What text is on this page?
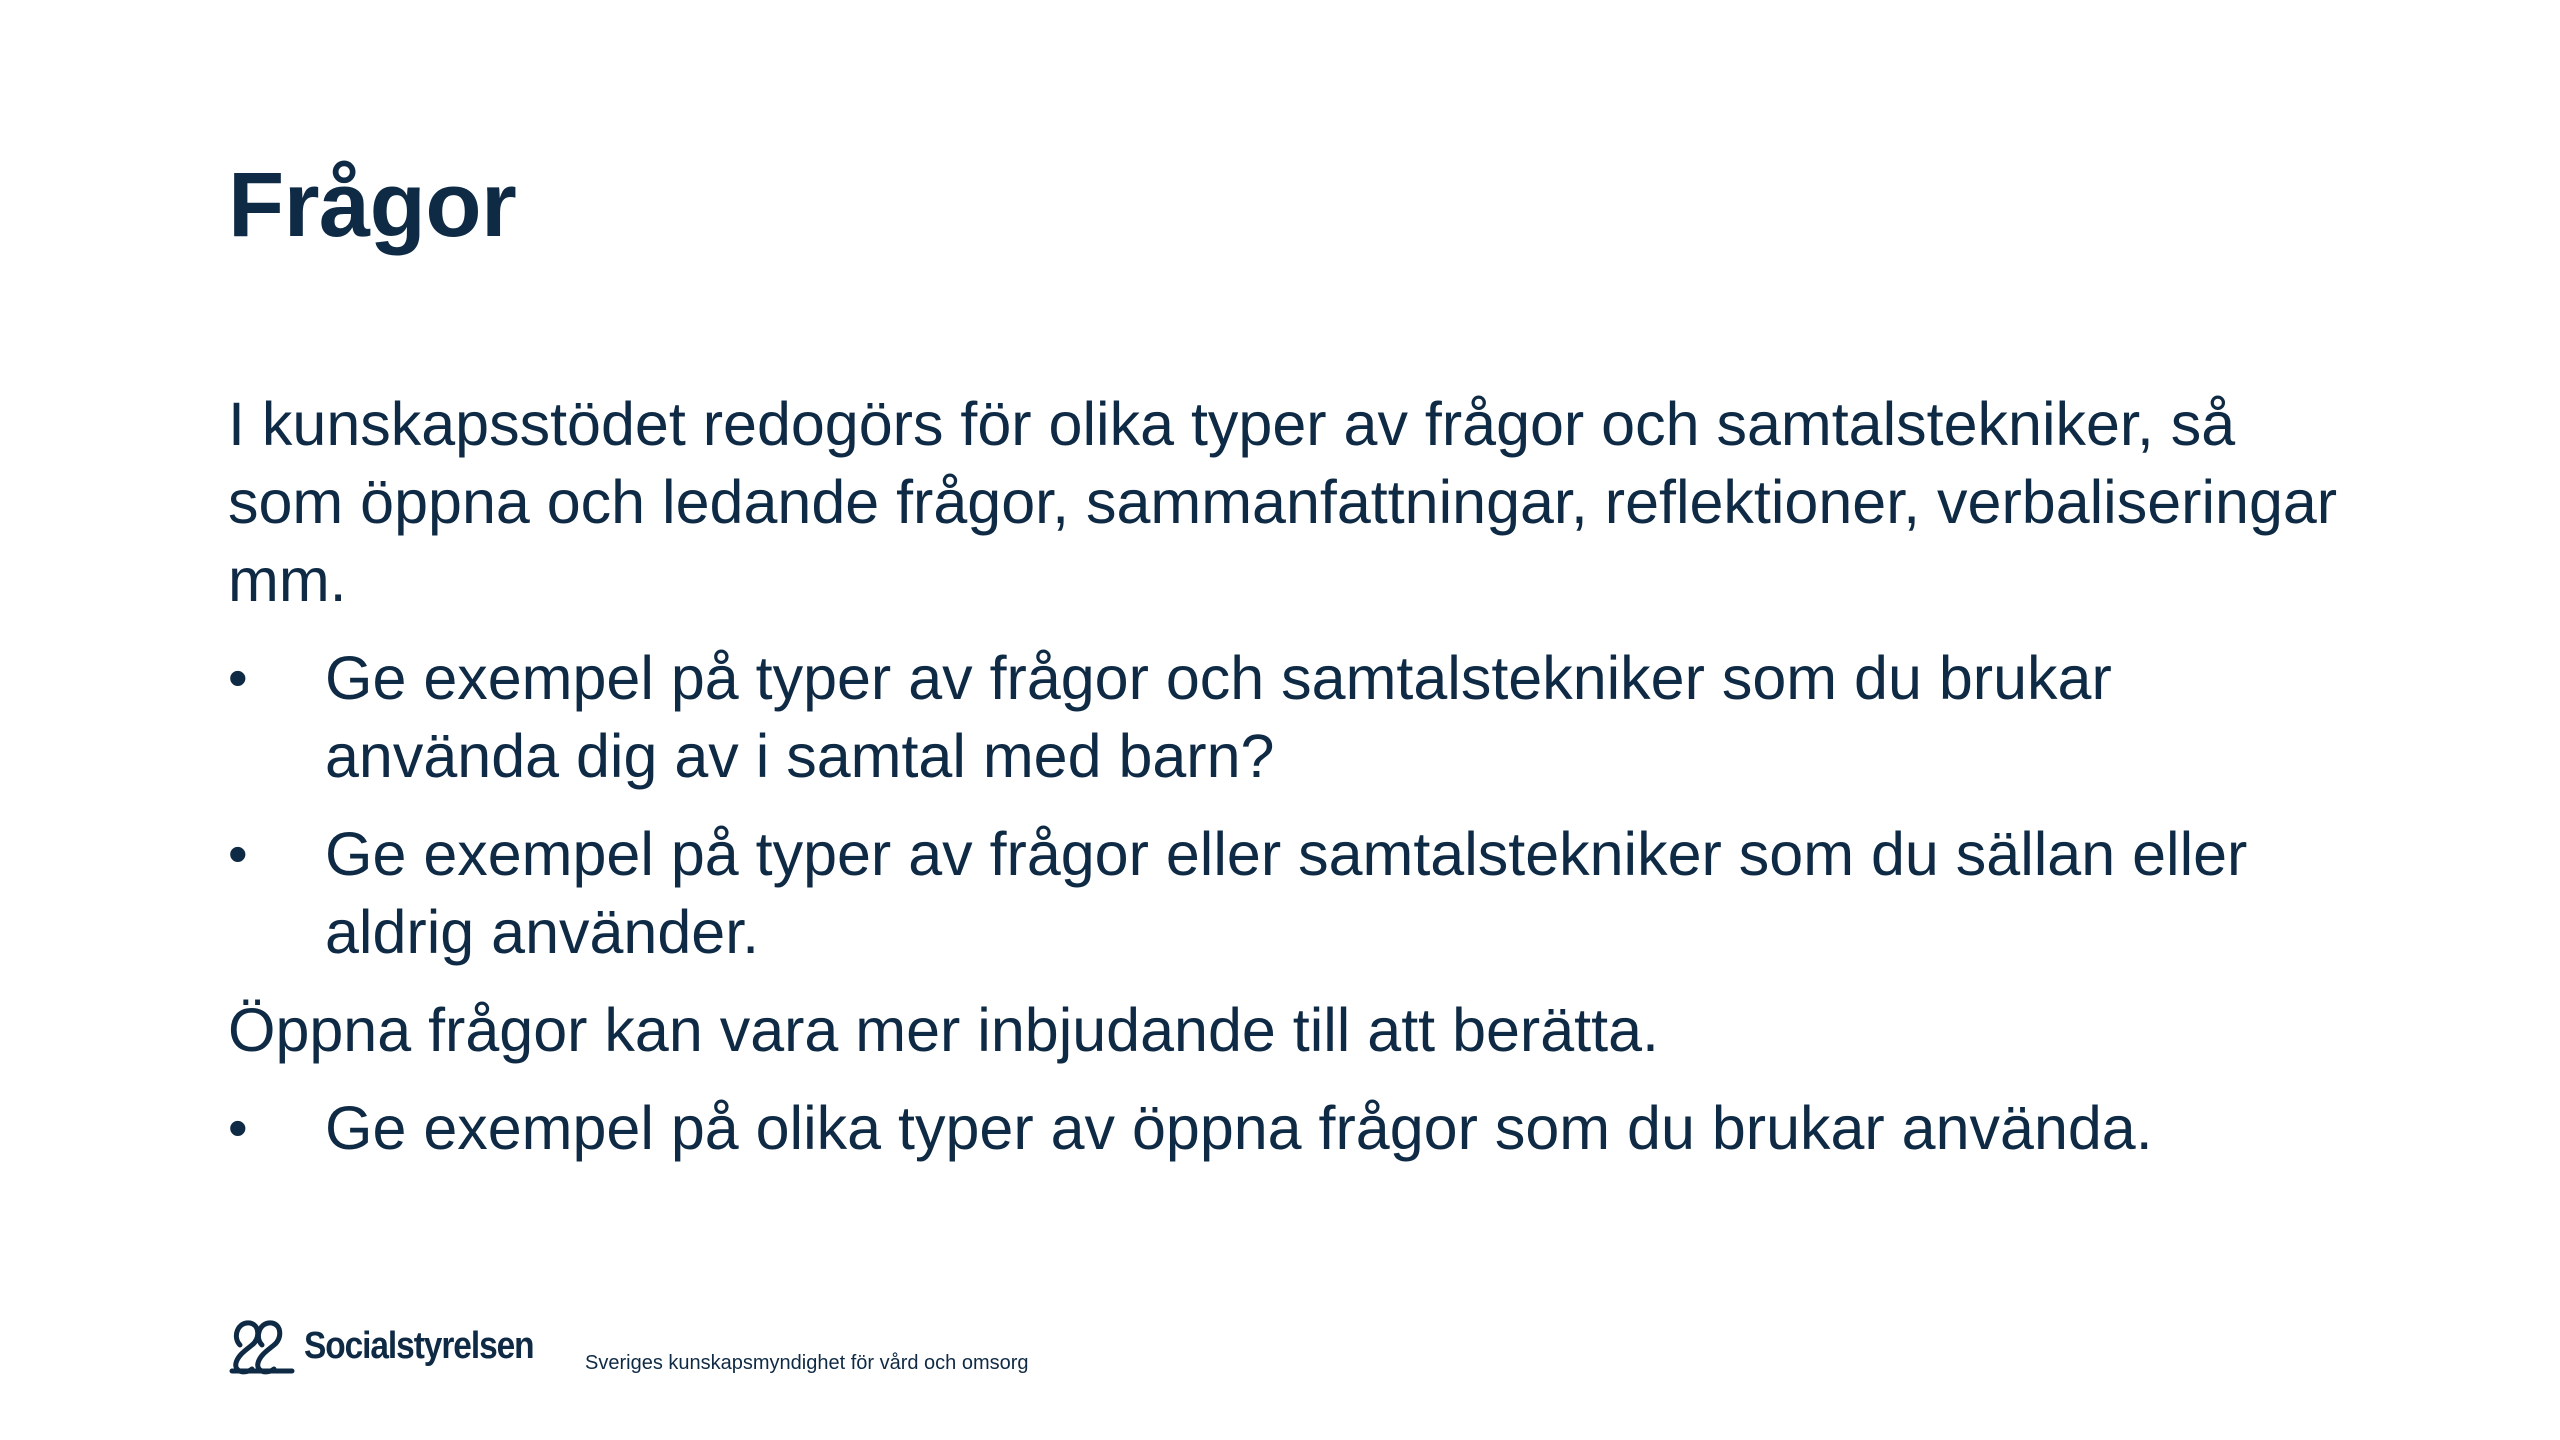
Frågor

I kunskapsstödet redogörs för olika typer av frågor och samtalstekniker, så som öppna och ledande frågor, sammanfattningar, reflektioner, verbaliseringar mm.

•	Ge exempel på typer av frågor och samtalstekniker som du brukar använda dig av i samtal med barn?
•	Ge exempel på typer av frågor eller samtalstekniker som du sällan eller aldrig använder.

Öppna frågor kan vara mer inbjudande till att berätta.

•	Ge exempel på olika typer av öppna frågor som du brukar använda.
Socialstyrelsen	Sveriges kunskapsmyndighet för vård och omsorg
